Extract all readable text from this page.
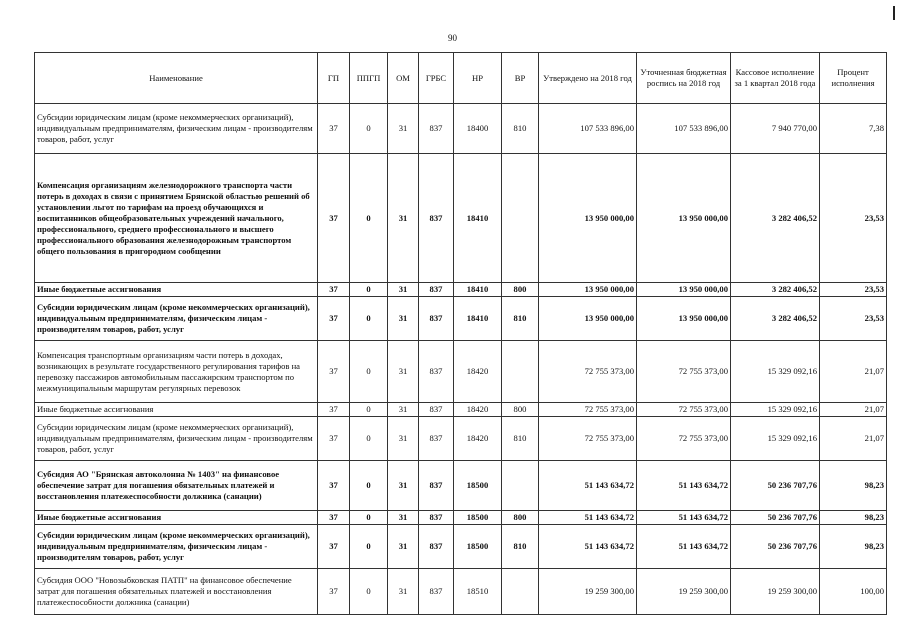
90
Наименование	ГП	ППГП	ОМ	ГРБС	НР	ВР	Утверждено на 2018 год	Уточненная бюджетная роспись на 2018 год	Кассовое исполнение за 1 квартал 2018 года	Процент исполнения
Субсидии юридическим лицам (кроме некоммерческих организаций), индивидуальным предпринимателям, физическим лицам - производителям товаров, работ, услуг	37	0	31	837	18400	810	107 533 896,00	107 533 896,00	7 940 770,00	7,38
Компенсация организациям железнодорожного транспорта части потерь в доходах в связи с принятием Брянской областью решений об установлении льгот по тарифам на проезд обучающихся и воспитанников общеобразовательных учреждений начального, профессионального, среднего профессионального и высшего профессионального образования железнодорожным транспортом общего пользования в пригородном сообщении	37	0	31	837	18410		13 950 000,00	13 950 000,00	3 282 406,52	23,53
Иные бюджетные ассигнования	37	0	31	837	18410	800	13 950 000,00	13 950 000,00	3 282 406,52	23,53
Субсидии юридическим лицам (кроме некоммерческих организаций), индивидуальным предпринимателям, физическим лицам - производителям товаров, работ, услуг	37	0	31	837	18410	810	13 950 000,00	13 950 000,00	3 282 406,52	23,53
Компенсация транспортным организациям части потерь в доходах, возникающих в результате государственного регулирования тарифов на перевозку пассажиров автомобильным пассажирским транспортом по межмуниципальным маршрутам регулярных перевозок	37	0	31	837	18420		72 755 373,00	72 755 373,00	15 329 092,16	21,07
Иные бюджетные ассигнования	37	0	31	837	18420	800	72 755 373,00	72 755 373,00	15 329 092,16	21,07
Субсидии юридическим лицам (кроме некоммерческих организаций), индивидуальным предпринимателям, физическим лицам - производителям товаров, работ, услуг	37	0	31	837	18420	810	72 755 373,00	72 755 373,00	15 329 092,16	21,07
Субсидия АО "Брянская автоколонна № 1403" на финансовое обеспечение затрат для погашения обязательных платежей и восстановления платежеспособности должника (санации)	37	0	31	837	18500		51 143 634,72	51 143 634,72	50 236 707,76	98,23
Иные бюджетные ассигнования	37	0	31	837	18500	800	51 143 634,72	51 143 634,72	50 236 707,76	98,23
Субсидии юридическим лицам (кроме некоммерческих организаций), индивидуальным предпринимателям, физическим лицам - производителям товаров, работ, услуг	37	0	31	837	18500	810	51 143 634,72	51 143 634,72	50 236 707,76	98,23
Субсидия ООО "Новозыбковская ПАТП" на финансовое обеспечение затрат для погашения обязательных платежей и восстановления платежеспособности должника (санации)	37	0	31	837	18510		19 259 300,00	19 259 300,00	19 259 300,00	100,00
